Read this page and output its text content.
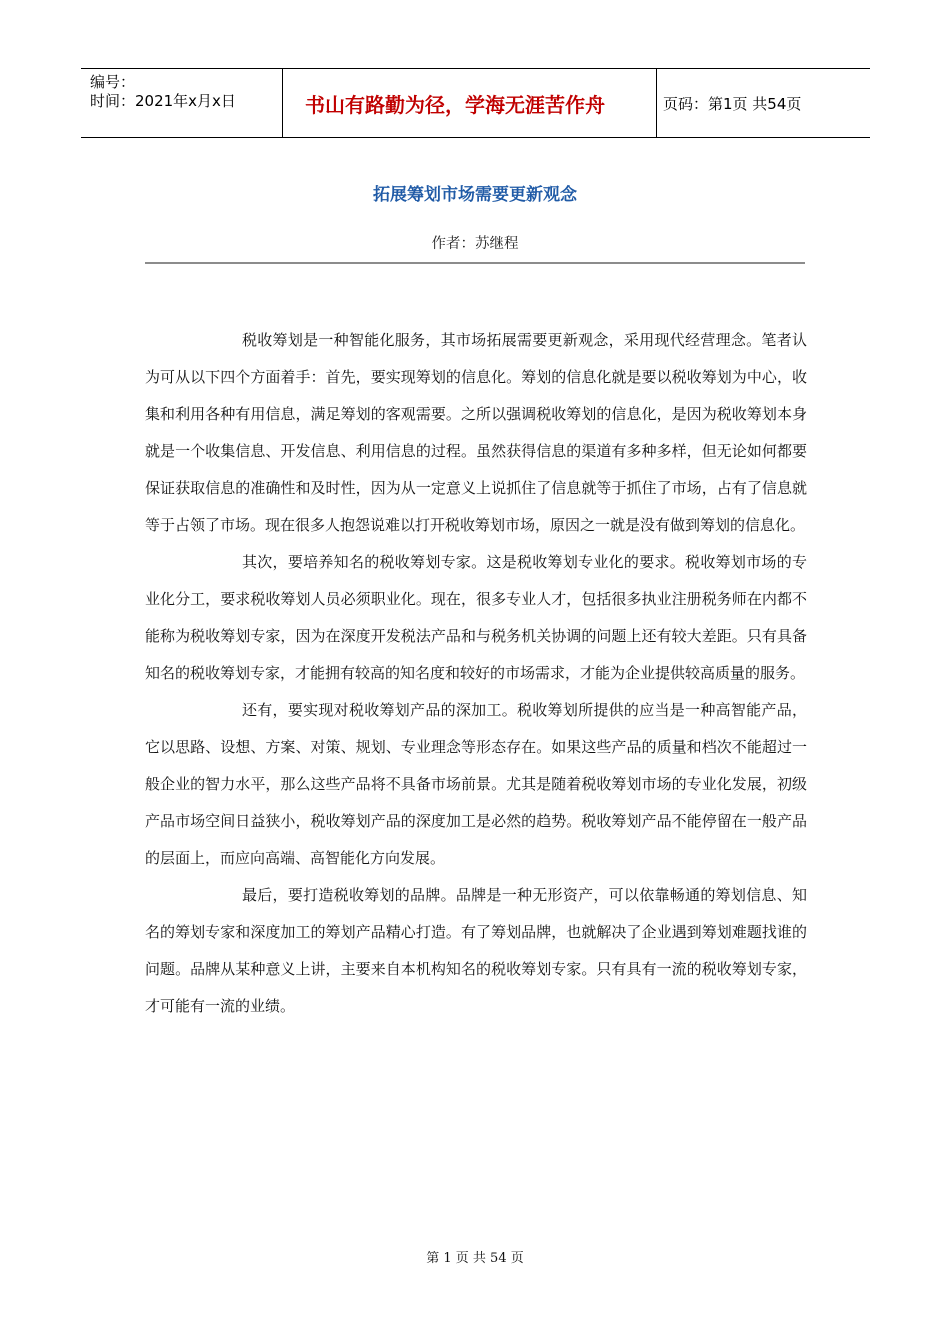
编号：
时间：2021年x月x日	书山有路勤为径，学海无涯苦作舟	页码：第1页 共54页
拓展筹划市场需要更新观念
作者：苏继程

税收筹划是一种智能化服务，其市场拓展需要更新观念，采用现代经营理念。笔者认为可从以下四个方面着手：首先，要实现筹划的信息化。筹划的信息化就是要以税收筹划为中心，收集和利用各种有用信息，满足筹划的客观需要。之所以强调税收筹划的信息化，是因为税收筹划本身就是一个收集信息、开发信息、利用信息的过程。虽然获得信息的渠道有多种多样，但无论如何都要保证获取信息的准确性和及时性，因为从一定意义上说抓住了信息就等于抓住了市场，占有了信息就等于占领了市场。现在很多人抱怨说难以打开税收筹划市场，原因之一就是没有做到筹划的信息化。

其次，要培养知名的税收筹划专家。这是税收筹划专业化的要求。税收筹划市场的专业化分工，要求税收筹划人员必须职业化。现在，很多专业人才，包括很多执业注册税务师在内都不能称为税收筹划专家，因为在深度开发税法产品和与税务机关协调的问题上还有较大差距。只有具备知名的税收筹划专家，才能拥有较高的知名度和较好的市场需求，才能为企业提供较高质量的服务。

还有，要实现对税收筹划产品的深加工。税收筹划所提供的应当是一种高智能产品，它以思路、设想、方案、对策、规划、专业理念等形态存在。如果这些产品的质量和档次不能超过一般企业的智力水平，那么这些产品将不具备市场前景。尤其是随着税收筹划市场的专业化发展，初级产品市场空间日益狭小，税收筹划产品的深度加工是必然的趋势。税收筹划产品不能停留在一般产品的层面上，而应向高端、高智能化方向发展。

最后，要打造税收筹划的品牌。品牌是一种无形资产，可以依靠畅通的筹划信息、知名的筹划专家和深度加工的筹划产品精心打造。有了筹划品牌，也就解决了企业遇到筹划难题找谁的问题。品牌从某种意义上讲，主要来自本机构知名的税收筹划专家。只有具有一流的税收筹划专家，才可能有一流的业绩。

第 1 页 共 54 页
